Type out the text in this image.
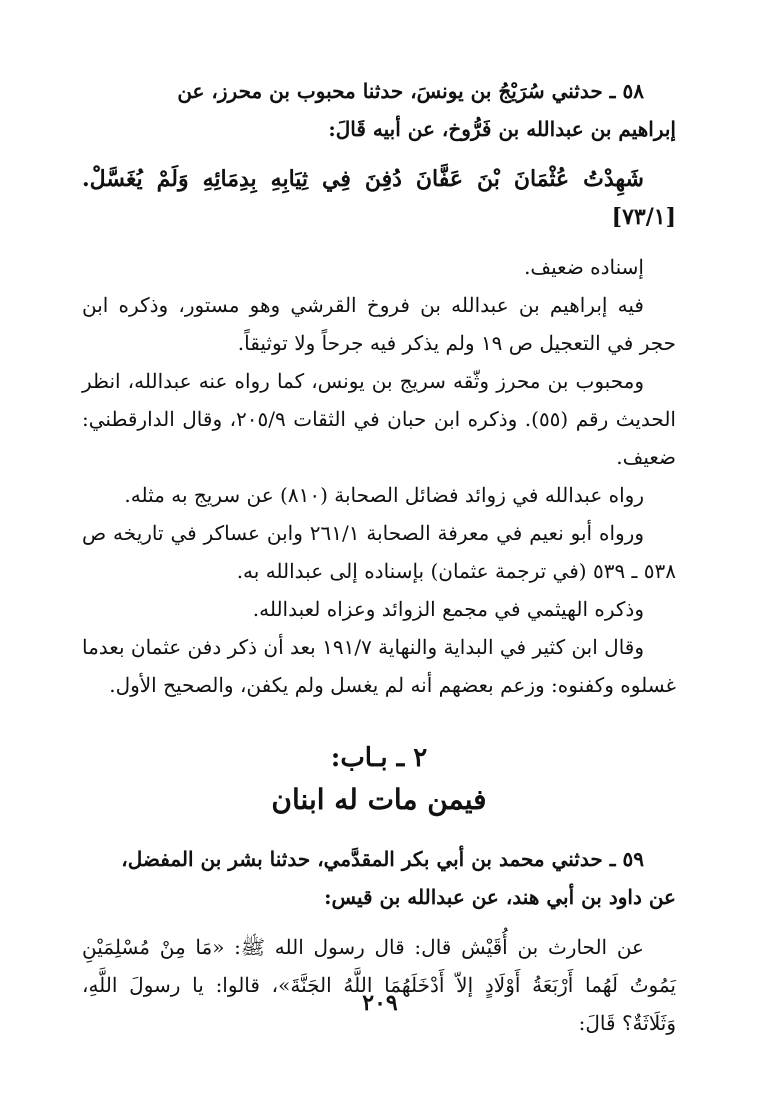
٥٨ ـ حدثني سُرَيْجُ بن يونسَ، حدثنا محبوب بن محرز، عن

إبراهيم بن عبدالله بن فَرُّوخ، عن أبيه قَالَ:

شَهِدْتُ عُثْمَانَ بْنَ عَفَّانَ دُفِنَ فِي ثِيَابِهِ بِدِمَائِهِ وَلَمْ يُغَسَّلْ. [٧٣/١]

إسناده ضعيف.

فيه إبراهيم بن عبدالله بن فروخ القرشي وهو مستور، وذكره ابن حجر في التعجيل ص ١٩ ولم يذكر فيه جرحاً ولا توثيقاً.

ومحبوب بن محرز وثّقه سريج بن يونس، كما رواه عنه عبدالله، انظر الحديث رقم (٥٥). وذكره ابن حبان في الثقات ٢٠٥/٩، وقال الدارقطني: ضعيف.

رواه عبدالله في زوائد فضائل الصحابة (٨١٠) عن سريج به مثله.

ورواه أبو نعيم في معرفة الصحابة ٢٦١/١ وابن عساكر في تاريخه ص ٥٣٨ ـ ٥٣٩ (في ترجمة عثمان) بإسناده إلى عبدالله به.

وذكره الهيثمي في مجمع الزوائد وعزاه لعبدالله.

وقال ابن كثير في البداية والنهاية ١٩١/٧ بعد أن ذكر دفن عثمان بعدما غسلوه وكفنوه: وزعم بعضهم أنه لم يغسل ولم يكفن، والصحيح الأول.

٢ ـ بـاب:
فيمن مات له ابنان

٥٩ ـ حدثني محمد بن أبي بكر المقدَّمي، حدثنا بشر بن المفضل،

عن داود بن أبي هند، عن عبدالله بن قيس:

عن الحارث بن أُقَيْش قال: قال رسول الله ﷺ: «مَا مِنْ مُسْلِمَيْنِ يَمُوتُ لَهُما أَرْبَعَةُ أَوْلَادٍ إلاّ أَدْخَلَهُمَا اللَّهُ الجَنَّةَ»، قالوا: يا رسولَ اللَّهِ، وَثَلَاثَةٌ؟ قَالَ:

٢٠٩
